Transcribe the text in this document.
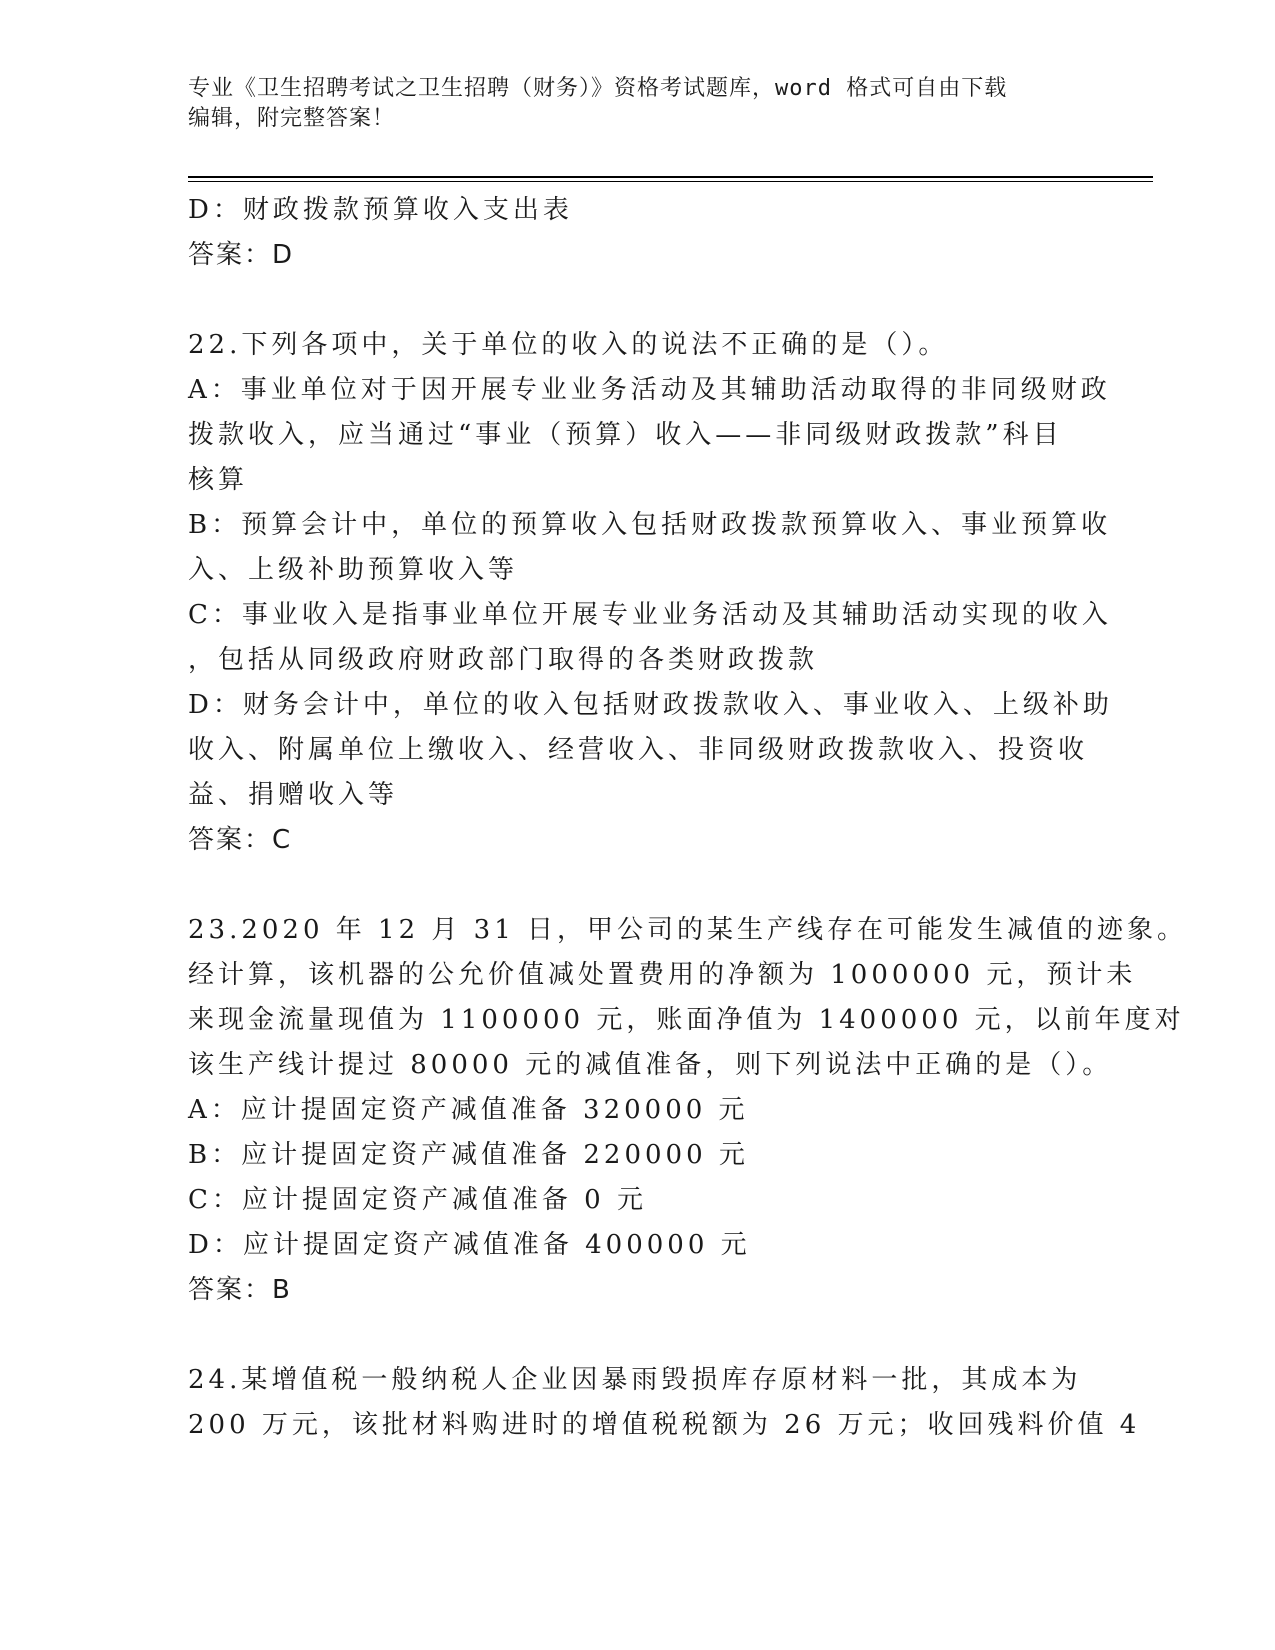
专业《卫生招聘考试之卫生招聘（财务）》资格考试题库，word 格式可自由下载
编辑，附完整答案！
D：财政拨款预算收入支出表
答案：D
22.下列各项中，关于单位的收入的说法不正确的是（）。
A：事业单位对于因开展专业业务活动及其辅助活动取得的非同级财政
拨款收入，应当通过“事业（预算）收入——非同级财政拨款”科目
核算
B：预算会计中，单位的预算收入包括财政拨款预算收入、事业预算收
入、上级补助预算收入等
C：事业收入是指事业单位开展专业业务活动及其辅助活动实现的收入
，包括从同级政府财政部门取得的各类财政拨款
D：财务会计中，单位的收入包括财政拨款收入、事业收入、上级补助
收入、附属单位上缴收入、经营收入、非同级财政拨款收入、投资收
益、捐赠收入等
答案：C
23.2020 年 12 月 31 日，甲公司的某生产线存在可能发生减值的迹象。
经计算，该机器的公允价值减处置费用的净额为 1000000 元，预计未
来现金流量现值为 1100000 元，账面净值为 1400000 元，以前年度对
该生产线计提过 80000 元的减值准备，则下列说法中正确的是（）。
A：应计提固定资产减值准备 320000 元
B：应计提固定资产减值准备 220000 元
C：应计提固定资产减值准备 0 元
D：应计提固定资产减值准备 400000 元
答案：B
24.某增值税一般纳税人企业因暴雨毁损库存原材料一批，其成本为
200 万元，该批材料购进时的增值税税额为 26 万元；收回残料价值 4
